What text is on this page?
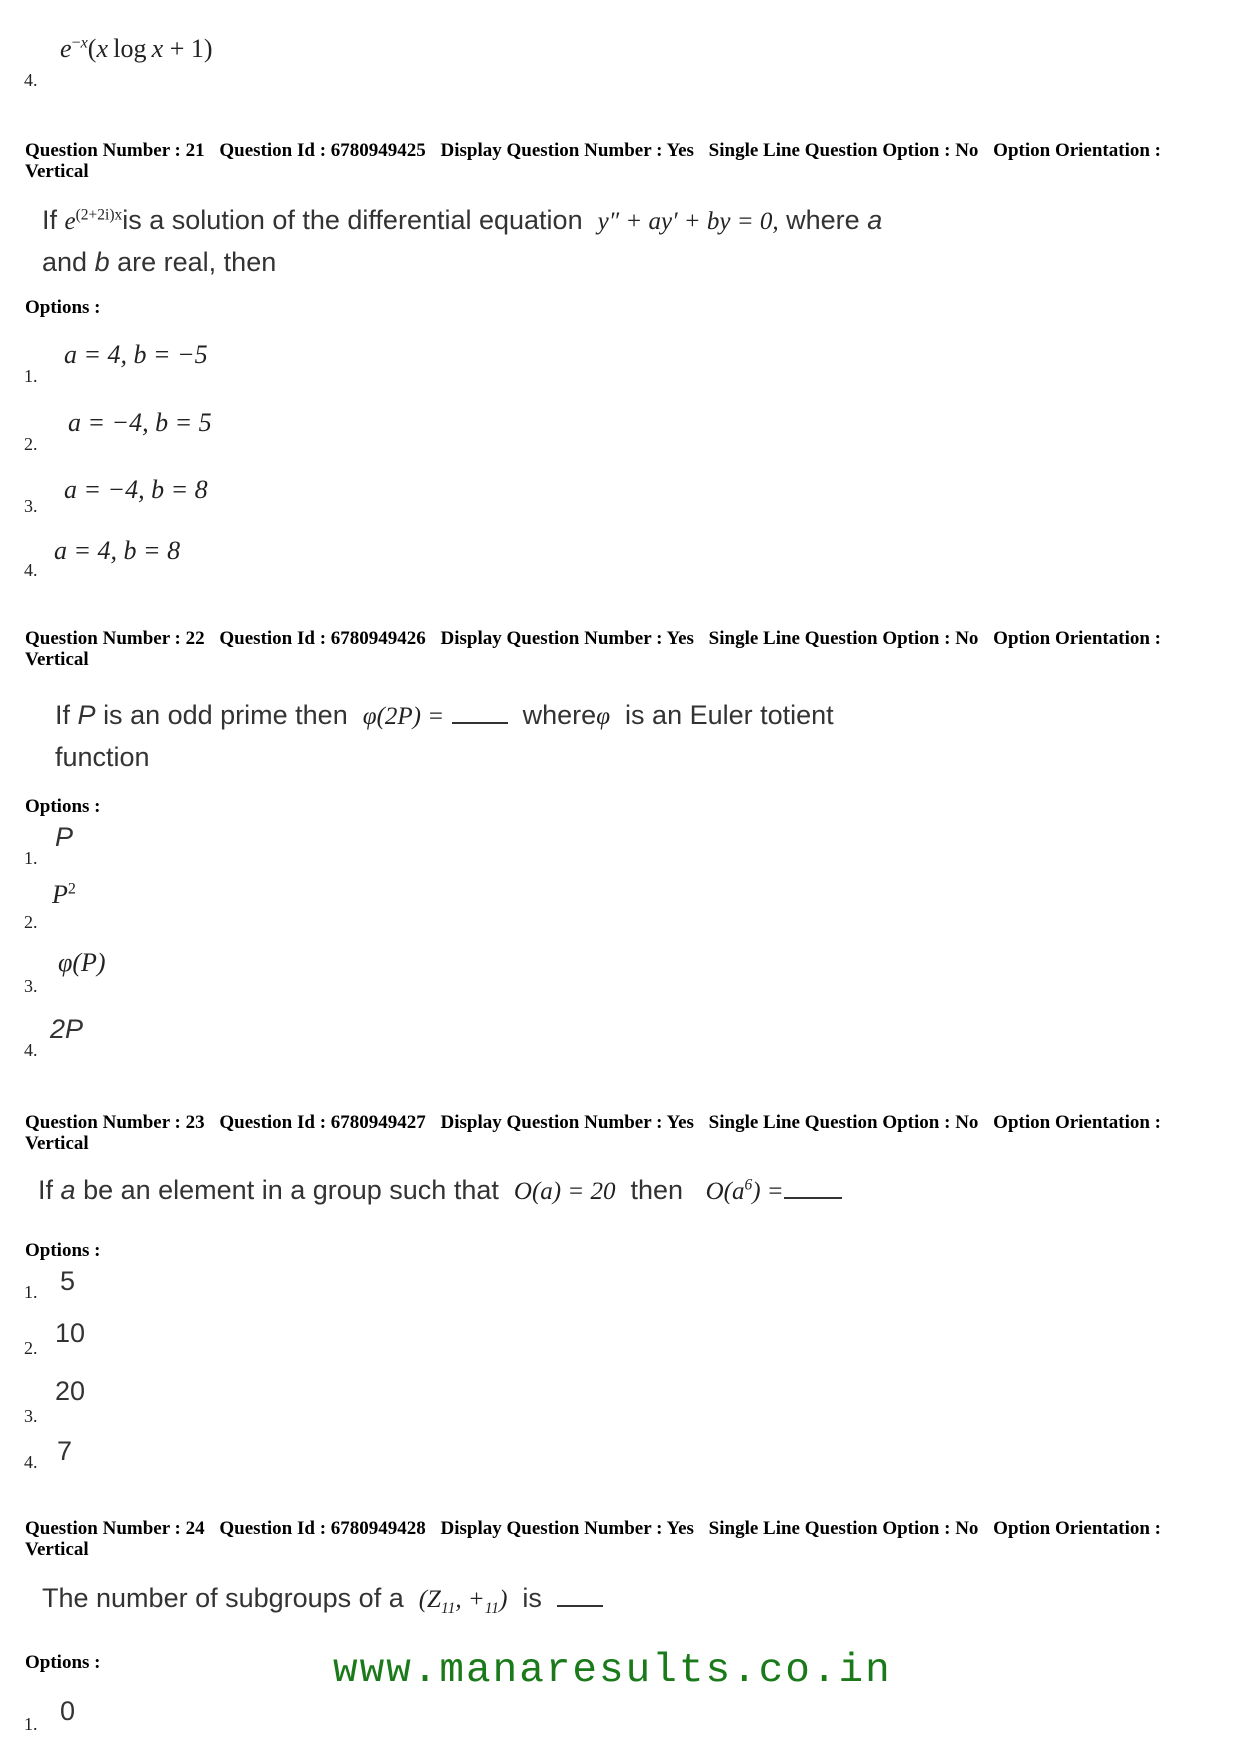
$e^{-x}(x$ log x + 1)
4.
Question Number : 21 Question Id : 6780949425 Display Question Number : Yes Single Line Question Option : No Option Orientation : Vertical
If $e^{(2+2i)x}is$ a solution of the differential equation y″ + ay′ + by = 0, where a
and b are real, then
Options :
1.
a = 4, b = −5
2.
a = −4, b = 5
3.
a = −4, b = 8
4.
a = 4, b = 8
Question Number : 22 Question Id : 6780949426 Display Question Number : Yes Single Line Question Option : No Option Orientation : Vertical
If P is an odd prime then φ(2P) =	whereφ is an Euler totient
function
Options :
1.
P
2.
$P^2$
3.
φ(P)
4.
2P
Question Number : 23 Question Id : 6780949427 Display Question Number : Yes Single Line Question Option : No Option Orientation : Vertical
If a be an element in a group such that O(a) = 20 then $O(a^6)$ =
Options :
1. 5
2. 10
3.
20
4. 7
Question Number : 24 Question Id : 6780949428 Display Question Number : Yes Single Line Question Option : No Option Orientation : Vertical
The number of subgroups of a ($Z_{11}$, $+_{11}$) is
Options :	www.manaresults.co.in
1. 0
